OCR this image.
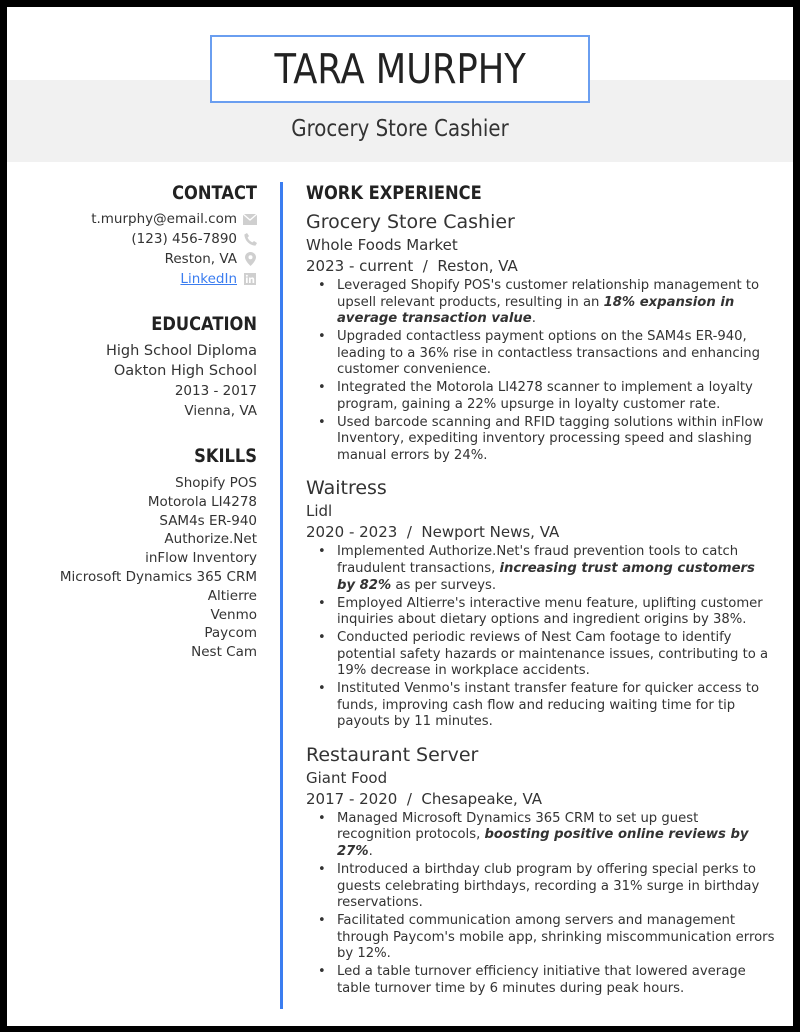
TARA MURPHY
Grocery Store Cashier
CONTACT
t.murphy@email.com
(123) 456-7890
Reston, VA
LinkedIn
EDUCATION
High School Diploma
Oakton High School
2013 - 2017
Vienna, VA
SKILLS
Shopify POS
Motorola LI4278
SAM4s ER-940
Authorize.Net
inFlow Inventory
Microsoft Dynamics 365 CRM
Altierre
Venmo
Paycom
Nest Cam
WORK EXPERIENCE
Grocery Store Cashier
Whole Foods Market
2023 - current  /  Reston, VA
• Leveraged Shopify POS's customer relationship management to upsell relevant products, resulting in an 18% expansion in average transaction value.
• Upgraded contactless payment options on the SAM4s ER-940, leading to a 36% rise in contactless transactions and enhancing customer convenience.
• Integrated the Motorola LI4278 scanner to implement a loyalty program, gaining a 22% upsurge in loyalty customer rate.
• Used barcode scanning and RFID tagging solutions within inFlow Inventory, expediting inventory processing speed and slashing manual errors by 24%.
Waitress
Lidl
2020 - 2023  /  Newport News, VA
• Implemented Authorize.Net's fraud prevention tools to catch fraudulent transactions, increasing trust among customers by 82% as per surveys.
• Employed Altierre's interactive menu feature, uplifting customer inquiries about dietary options and ingredient origins by 38%.
• Conducted periodic reviews of Nest Cam footage to identify potential safety hazards or maintenance issues, contributing to a 19% decrease in workplace accidents.
• Instituted Venmo's instant transfer feature for quicker access to funds, improving cash flow and reducing waiting time for tip payouts by 11 minutes.
Restaurant Server
Giant Food
2017 - 2020  /  Chesapeake, VA
• Managed Microsoft Dynamics 365 CRM to set up guest recognition protocols, boosting positive online reviews by 27%.
• Introduced a birthday club program by offering special perks to guests celebrating birthdays, recording a 31% surge in birthday reservations.
• Facilitated communication among servers and management through Paycom's mobile app, shrinking miscommunication errors by 12%.
• Led a table turnover efficiency initiative that lowered average table turnover time by 6 minutes during peak hours.
